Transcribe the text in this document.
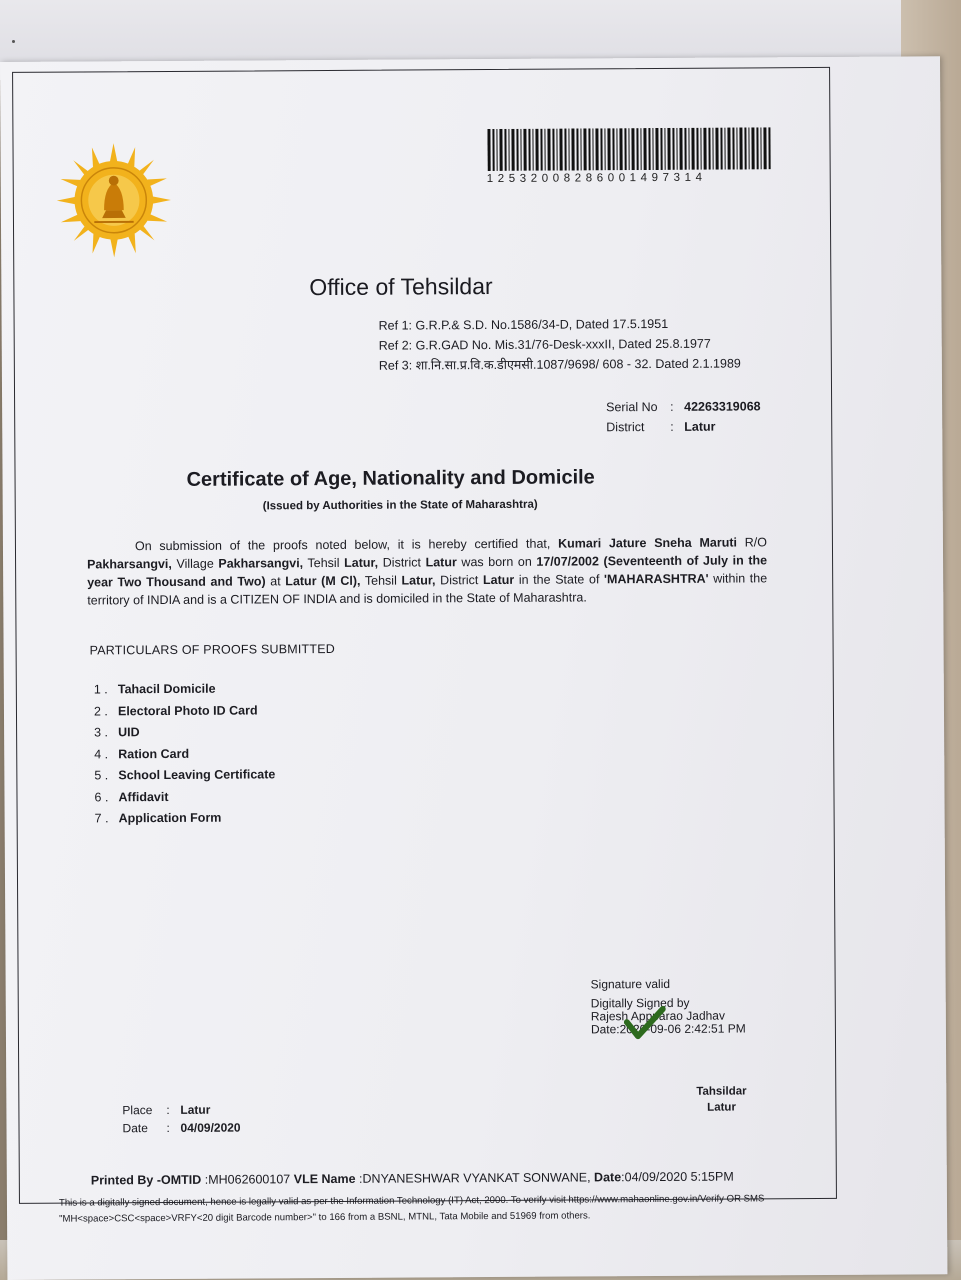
12532008286001497314
Office of Tehsildar
Ref 1: G.R.P.& S.D. No.1586/34-D, Dated 17.5.1951
Ref 2: G.R.GAD No. Mis.31/76-Desk-xxxII, Dated 25.8.1977
Ref 3: शा.नि.सा.प्र.वि.क.डीएमसी.1087/9698/ 608 - 32. Dated 2.1.1989
Serial No : 42263319068
District	: Latur
Certificate of Age, Nationality and Domicile
(Issued by Authorities in the State of Maharashtra)
On submission of the proofs noted below, it is hereby certified that, Kumari Jature Sneha Maruti R/O Pakharsangvi, Village Pakharsangvi, Tehsil Latur, District Latur was born on 17/07/2002 (Seventeenth of July in the year Two Thousand and Two) at Latur (M Cl), Tehsil Latur, District Latur in the State of 'MAHARASHTRA' within the territory of INDIA and is a CITIZEN OF INDIA and is domiciled in the State of Maharashtra.
PARTICULARS OF PROOFS SUBMITTED
1 . Tahacil Domicile
2 . Electoral Photo ID Card
3 . UID
4 . Ration Card
5 . School Leaving Certificate
6 . Affidavit
7 . Application Form
Signature valid
Digitally Signed by
Rajesh Appparao Jadhav
Date:2020-09-06 2:42:51 PM
Place	: Latur
Date	: 04/09/2020
Tahsildar
Latur
Printed By -OMTID :MH062600107 VLE Name :DNYANESHWAR VYANKAT SONWANE, Date:04/09/2020 5:15PM
This is a digitally signed document, hence is legally valid as per the Information Technology (IT) Act, 2000. To verify visit https://www.mahaonline.gov.in/Verify OR SMS "MH<space>CSC<space>VRFY<20 digit Barcode number>" to 166 from a BSNL, MTNL, Tata Mobile and 51969 from others.
